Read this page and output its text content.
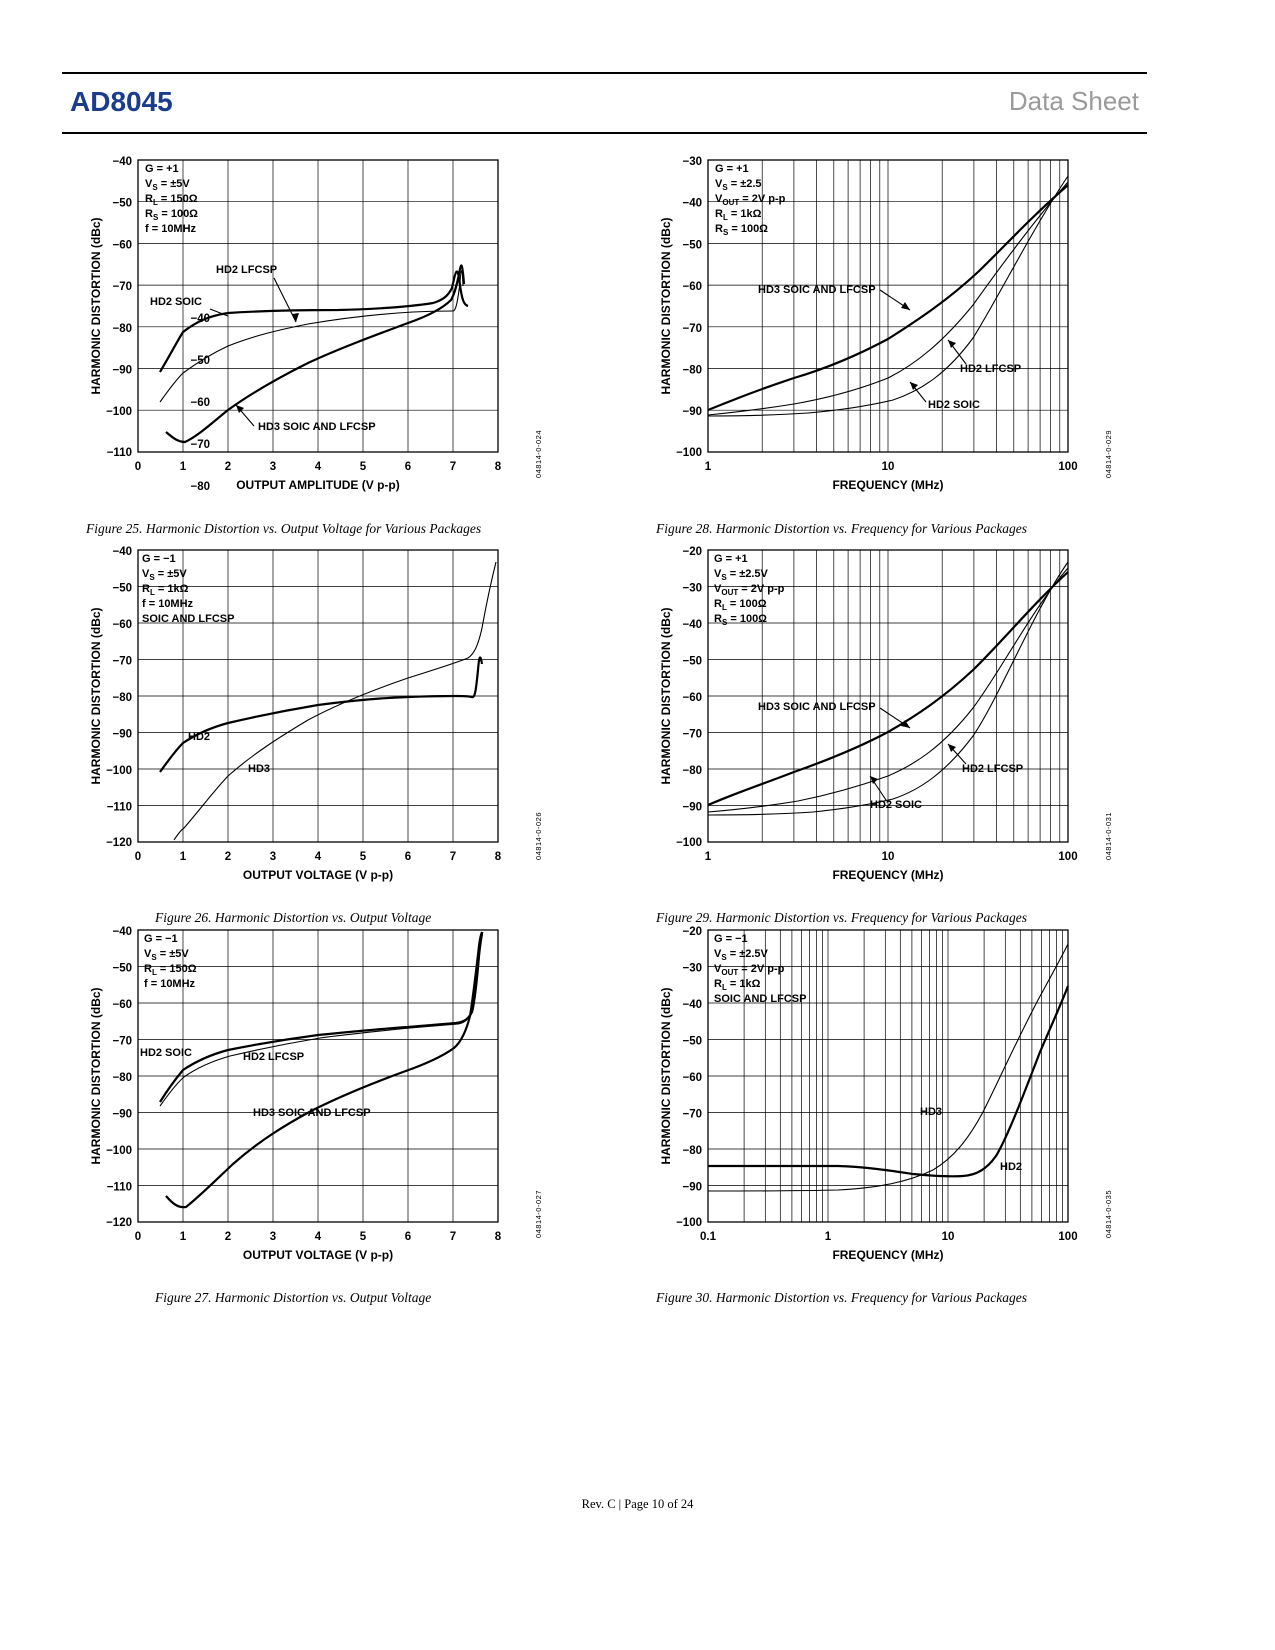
AD8045	Data Sheet
−40
−50
−60
−70
−80
−40
−50
−60
−70
−80
−90
−100
−110
0	1	2	3	4	5	6	7	8
OUTPUT AMPLITUDE (V p-p)
HARMONIC DISTORTION (dBc)
G = +1
$V_S = \pm 5V$
$R_L = 150\Omega$
$R_S = 100\Omega$
f = 10MHz
HD2 LFCSP
HD2 SOIC
HD3 SOIC AND LFCSP
04814-0-024
Figure 25. Harmonic Distortion vs. Output Voltage for Various Packages
−30
−40
−50
−60
−70
−80
−90
−100
1	10	100
FREQUENCY (MHz)
HARMONIC DISTORTION (dBc)
G = +1
$V_S = \pm 2.5$
$V_{OUT} = 2V$ p-p
$R_L = 1k\Omega$
$R_S = 100\Omega$
HD3 SOIC AND LFCSP
HD2 LFCSP
HD2 SOIC
04814-0-029
Figure 28. Harmonic Distortion vs. Frequency for Various Packages
−40
−50
−60
−70
−80
−90
−100
−110
−120
0	1	2	3	4	5	6	7	8
OUTPUT VOLTAGE (V p-p)
HARMONIC DISTORTION (dBc)
G = −1
$V_S = \pm 5V$
$R_L = 1k\Omega$
f = 10MHz
SOIC AND LFCSP
HD2
HD3
04814-0-026
Figure 26. Harmonic Distortion vs. Output Voltage
−20
−30
−40
−50
−60
−70
−80
−90
−100
1	10	100
FREQUENCY (MHz)
HARMONIC DISTORTION (dBc)
G = +1
$V_S = \pm 2.5V$
$V_{OUT} = 2V$ p-p
$R_L = 100\Omega$
$R_S = 100\Omega$
HD3 SOIC AND LFCSP
HD2 LFCSP
HD2 SOIC
04814-0-031
Figure 29. Harmonic Distortion vs. Frequency for Various Packages
−40
−50
−60
−70
−80
−90
−100
−110
−120
0	1	2	3	4	5	6	7	8
OUTPUT VOLTAGE (V p-p)
HARMONIC DISTORTION (dBc)
G = −1
$V_S = \pm 5V$
$R_L = 150\Omega$
f = 10MHz
HD2 SOIC	HD2 LFCSP
HD3 SOIC AND LFCSP
04814-0-027
Figure 27. Harmonic Distortion vs. Output Voltage
−20
−30
−40
−50
−60
−70
−80
−90
−100
0.1	1	10	100
FREQUENCY (MHz)
HARMONIC DISTORTION (dBc)
G = −1
$V_S = \pm 2.5V$
$V_{OUT} = 2V$ p-p
$R_L = 1k\Omega$
SOIC AND LFCSP
HD3
HD2
04814-0-035
Figure 30. Harmonic Distortion vs. Frequency for Various Packages
Rev. C | Page 10 of 24
